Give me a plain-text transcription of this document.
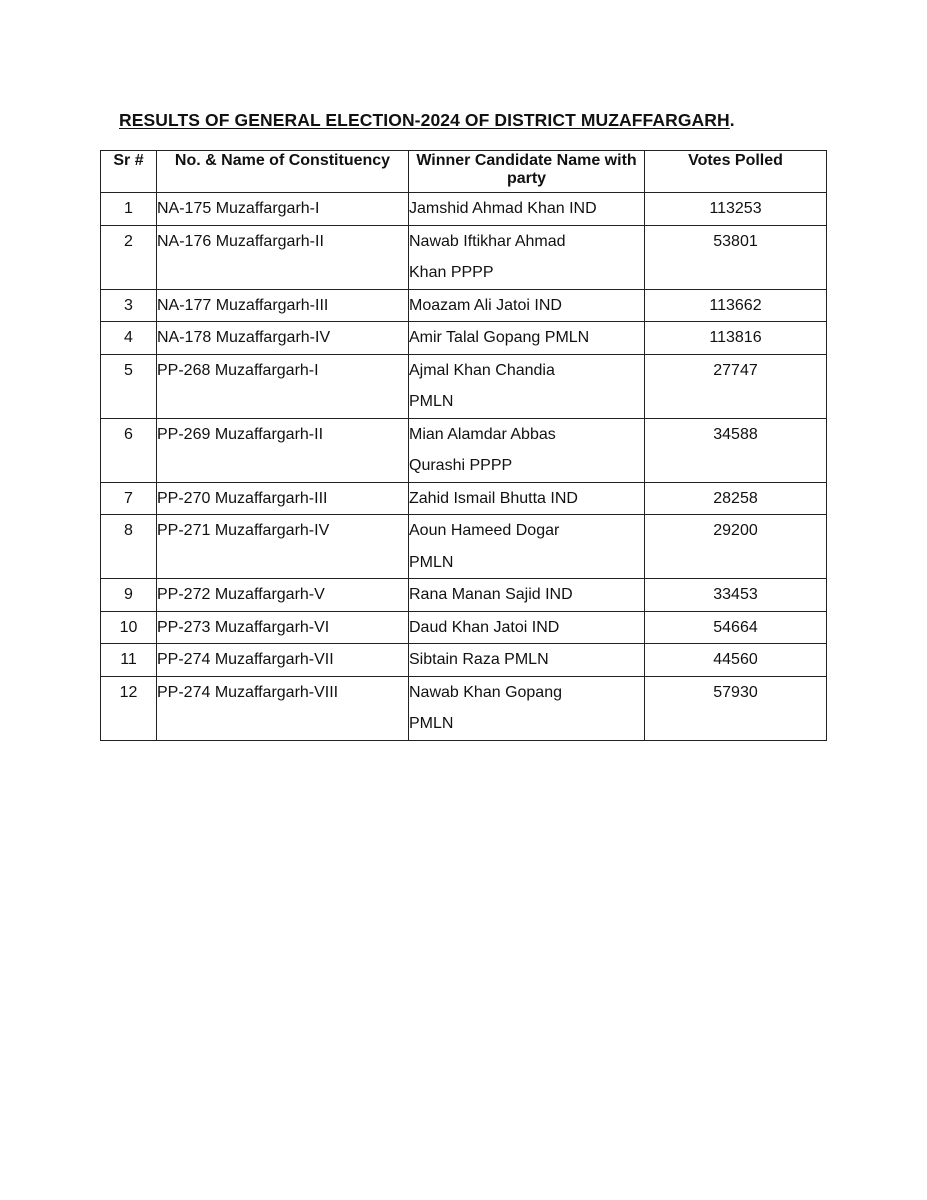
RESULTS OF GENERAL ELECTION-2024 OF DISTRICT MUZAFFARGARH.
Sr #	No. & Name of Constituency	Winner Candidate Name with party	Votes Polled
1	NA-175 Muzaffargarh-I	Jamshid Ahmad Khan IND	113253
2	NA-176 Muzaffargarh-II	Nawab Iftikhar Ahmad
Khan PPPP	53801
3	NA-177 Muzaffargarh-III	Moazam Ali Jatoi IND	113662
4	NA-178 Muzaffargarh-IV	Amir Talal Gopang PMLN	113816
5	PP-268 Muzaffargarh-I	Ajmal Khan Chandia
PMLN	27747
6	PP-269 Muzaffargarh-II	Mian Alamdar Abbas
Qurashi PPPP	34588
7	PP-270 Muzaffargarh-III	Zahid Ismail Bhutta IND	28258
8	PP-271 Muzaffargarh-IV	Aoun Hameed Dogar
PMLN	29200
9	PP-272 Muzaffargarh-V	Rana Manan Sajid IND	33453
10	PP-273 Muzaffargarh-VI	Daud Khan Jatoi IND	54664
11	PP-274 Muzaffargarh-VII	Sibtain Raza PMLN	44560
12	PP-274 Muzaffargarh-VIII	Nawab Khan Gopang
PMLN	57930
